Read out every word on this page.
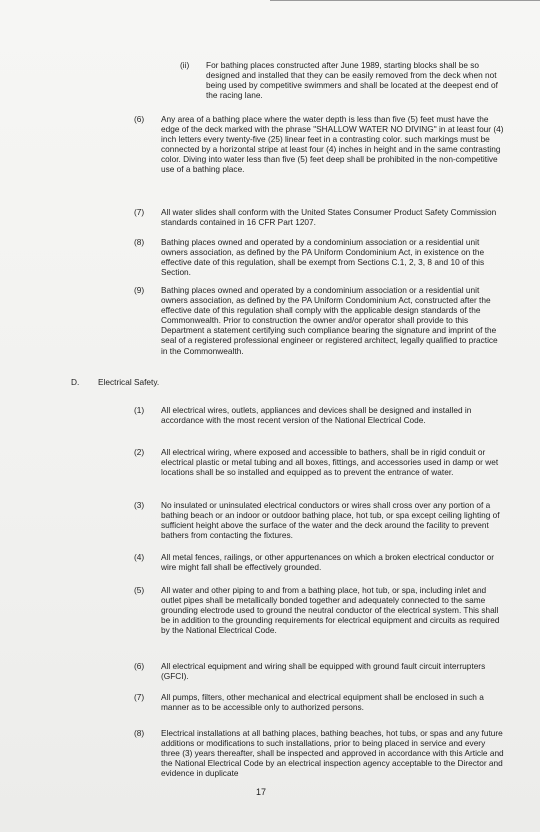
(ii) For bathing places constructed after June 1989, starting blocks shall be so designed and installed that they can be easily removed from the deck when not being used by competitive swimmers and shall be located at the deepest end of the racing lane.

(6) Any area of a bathing place where the water depth is less than five (5) feet must have the edge of the deck marked with the phrase "SHALLOW WATER NO DIVING" in at least four (4) inch letters every twenty-five (25) linear feet in a contrasting color. such markings must be connected by a horizontal stripe at least four (4) inches in height and in the same contrasting color. Diving into water less than five (5) feet deep shall be prohibited in the non-competitive use of a bathing place.

(7) All water slides shall conform with the United States Consumer Product Safety Commission standards contained in 16 CFR Part 1207.

(8) Bathing places owned and operated by a condominium association or a residential unit owners association, as defined by the PA Uniform Condominium Act, in existence on the effective date of this regulation, shall be exempt from Sections C.1, 2, 3, 8 and 10 of this Section.

(9) Bathing places owned and operated by a condominium association or a residential unit owners association, as defined by the PA Uniform Condominium Act, constructed after the effective date of this regulation shall comply with the applicable design standards of the Commonwealth. Prior to construction the owner and/or operator shall provide to this Department a statement certifying such compliance bearing the signature and imprint of the seal of a registered professional engineer or registered architect, legally qualified to practice in the Commonwealth.

D. Electrical Safety.
(1) All electrical wires, outlets, appliances and devices shall be designed and installed in accordance with the most recent version of the National Electrical Code.

(2) All electrical wiring, where exposed and accessible to bathers, shall be in rigid conduit or electrical plastic or metal tubing and all boxes, fittings, and accessories used in damp or wet locations shall be so installed and equipped as to prevent the entrance of water.

(3) No insulated or uninsulated electrical conductors or wires shall cross over any portion of a bathing beach or an indoor or outdoor bathing place, hot tub, or spa except ceiling lighting of sufficient height above the surface of the water and the deck around the facility to prevent bathers from contacting the fixtures.

(4) All metal fences, railings, or other appurtenances on which a broken electrical conductor or wire might fall shall be effectively grounded.

(5) All water and other piping to and from a bathing place, hot tub, or spa, including inlet and outlet pipes shall be metallically bonded together and adequately connected to the same grounding electrode used to ground the neutral conductor of the electrical system. This shall be in addition to the grounding requirements for electrical equipment and circuits as required by the National Electrical Code.

(6) All electrical equipment and wiring shall be equipped with ground fault circuit interrupters (GFCI).

(7) All pumps, filters, other mechanical and electrical equipment shall be enclosed in such a manner as to be accessible only to authorized persons.

(8) Electrical installations at all bathing places, bathing beaches, hot tubs, or spas and any future additions or modifications to such installations, prior to being placed in service and every three (3) years thereafter, shall be inspected and approved in accordance with this Article and the National Electrical Code by an electrical inspection agency acceptable to the Director and evidence in duplicate

17
